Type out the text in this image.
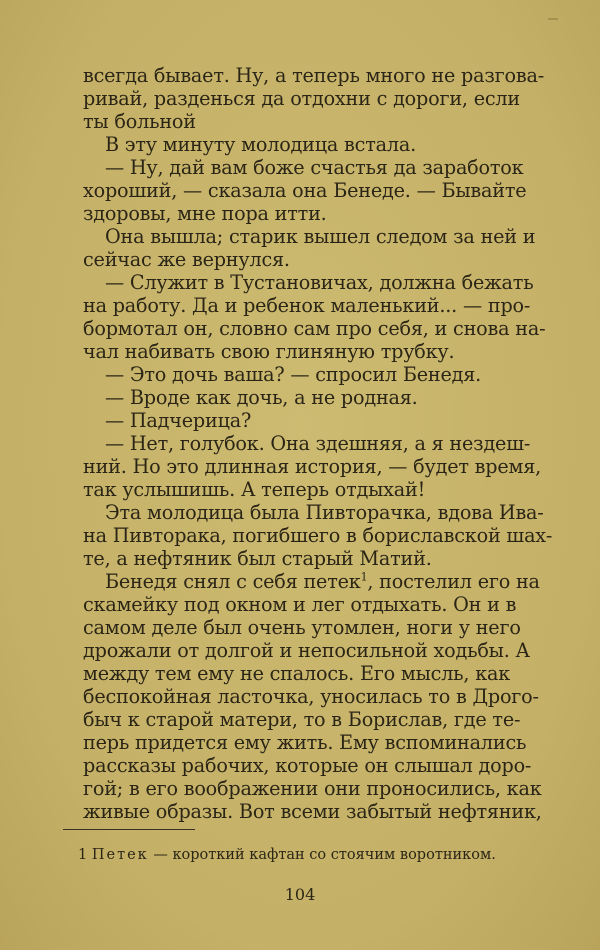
всегда бывает. Ну, а теперь много не разгова-
ривай, разденься да отдохни с дороги, если
ты больной
В эту минуту молодица встала.
— Ну, дай вам боже счастья да заработок
хороший, — сказала она Бенеде. — Бывайте
здоровы, мне пора итти.
Она вышла; старик вышел следом за ней и
сейчас же вернулся.
— Служит в Тустановичах, должна бежать
на работу. Да и ребенок маленький... — про-
бормотал он, словно сам про себя, и снова на-
чал набивать свою глиняную трубку.
— Это дочь ваша? — спросил Бенедя.
— Вроде как дочь, а не родная.
— Падчерица?
— Нет, голубок. Она здешняя, а я нездеш-
ний. Но это длинная история, — будет время,
так услышишь. А теперь отдыхай!
Эта молодица была Пивторачка, вдова Ива-
на Пивторака, погибшего в бориславской шах-
те, а нефтяник был старый Матий.
Бенедя снял с себя петек$^1$, постелил его на
скамейку под окном и лег отдыхать. Он и в
самом деле был очень утомлен, ноги у него
дрожали от долгой и непосильной ходьбы. А
между тем ему не спалось. Его мысль, как
беспокойная ласточка, уносилась то в Дрого-
быч к старой матери, то в Борислав, где те-
перь придется ему жить. Ему вспоминались
рассказы рабочих, которые он слышал доро-
гой; в его воображении они проносились, как
живые образы. Вот всеми забытый нефтяник,
1 Петек — короткий кафтан со стоячим воротником.
104
